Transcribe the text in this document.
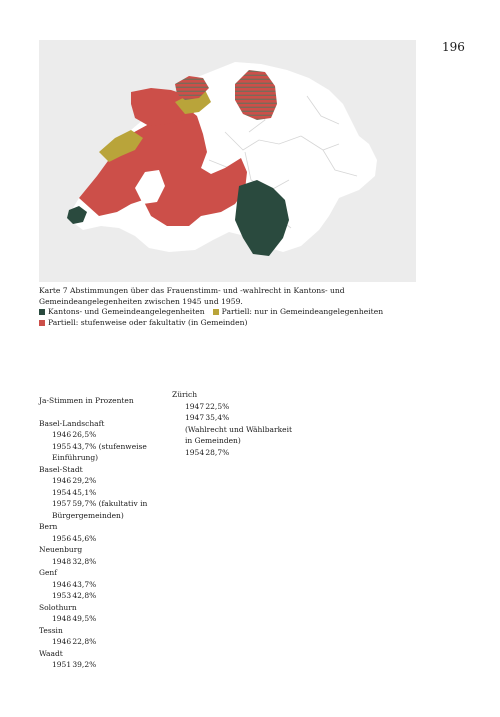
196
Karte 7 Abstimmungen über das Frauenstimm- und -wahlrecht in Kantons- und
Gemeindeangelegenheiten zwischen 1945 und 1959.
Kantons- und Gemeindeangelegenheiten Partiell: nur in Gemeindeangelegenheiten
Partiell: stufenweise oder fakultativ (in Gemeinden)
Ja-Stimmen in Prozenten
Basel-Landschaft
1946 26,5%
1955 43,7% (stufenweise
Einführung)
Basel-Stadt
1946 29,2%
1954 45,1%
1957 59,7% (fakultativ in
Bürgergemeinden)
Bern
1956 45,6%
Neuenburg
1948 32,8%
Genf
1946 43,7%
1953 42,8%
Solothurn
1948 49,5%
Tessin
1946 22,8%
Waadt
1951 39,2%
Zürich
1947 22,5%
1947 35,4%
(Wahlrecht und Wählbarkeit
in Gemeinden)
1954 28,7%
